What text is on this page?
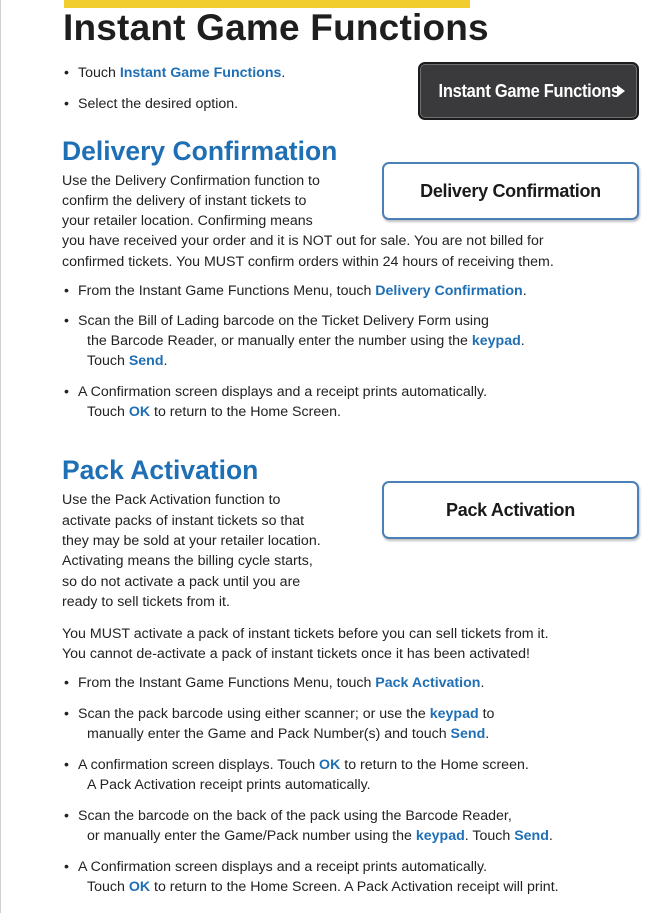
Instant Game Functions

• Touch Instant Game Functions.

• Select the desired option.

Instant Game Functions
Delivery Confirmation
Delivery Confirmation

Use the Delivery Confirmation function to

confirm the delivery of instant tickets to

your retailer location. Confirming means

you have received your order and it is NOT out for sale. You are not billed for

confirmed tickets. You MUST confirm orders within 24 hours of receiving them.

• From the Instant Game Functions Menu, touch Delivery Confirmation.

• Scan the Bill of Lading barcode on the Ticket Delivery Form using

the Barcode Reader, or manually enter the number using the keypad.

Touch Send.

• A Confirmation screen displays and a receipt prints automatically.

Touch OK to return to the Home Screen.

Pack Activation
Pack Activation

Use the Pack Activation function to

activate packs of instant tickets so that

they may be sold at your retailer location.

Activating means the billing cycle starts,

so do not activate a pack until you are

ready to sell tickets from it.

You MUST activate a pack of instant tickets before you can sell tickets from it.

You cannot de-activate a pack of instant tickets once it has been activated!

• From the Instant Game Functions Menu, touch Pack Activation.

• Scan the pack barcode using either scanner; or use the keypad to

manually enter the Game and Pack Number(s) and touch Send.

• A confirmation screen displays. Touch OK to return to the Home screen.

A Pack Activation receipt prints automatically.

• Scan the barcode on the back of the pack using the Barcode Reader,

or manually enter the Game/Pack number using the keypad. Touch Send.

• A Confirmation screen displays and a receipt prints automatically.

Touch OK to return to the Home Screen. A Pack Activation receipt will print.
